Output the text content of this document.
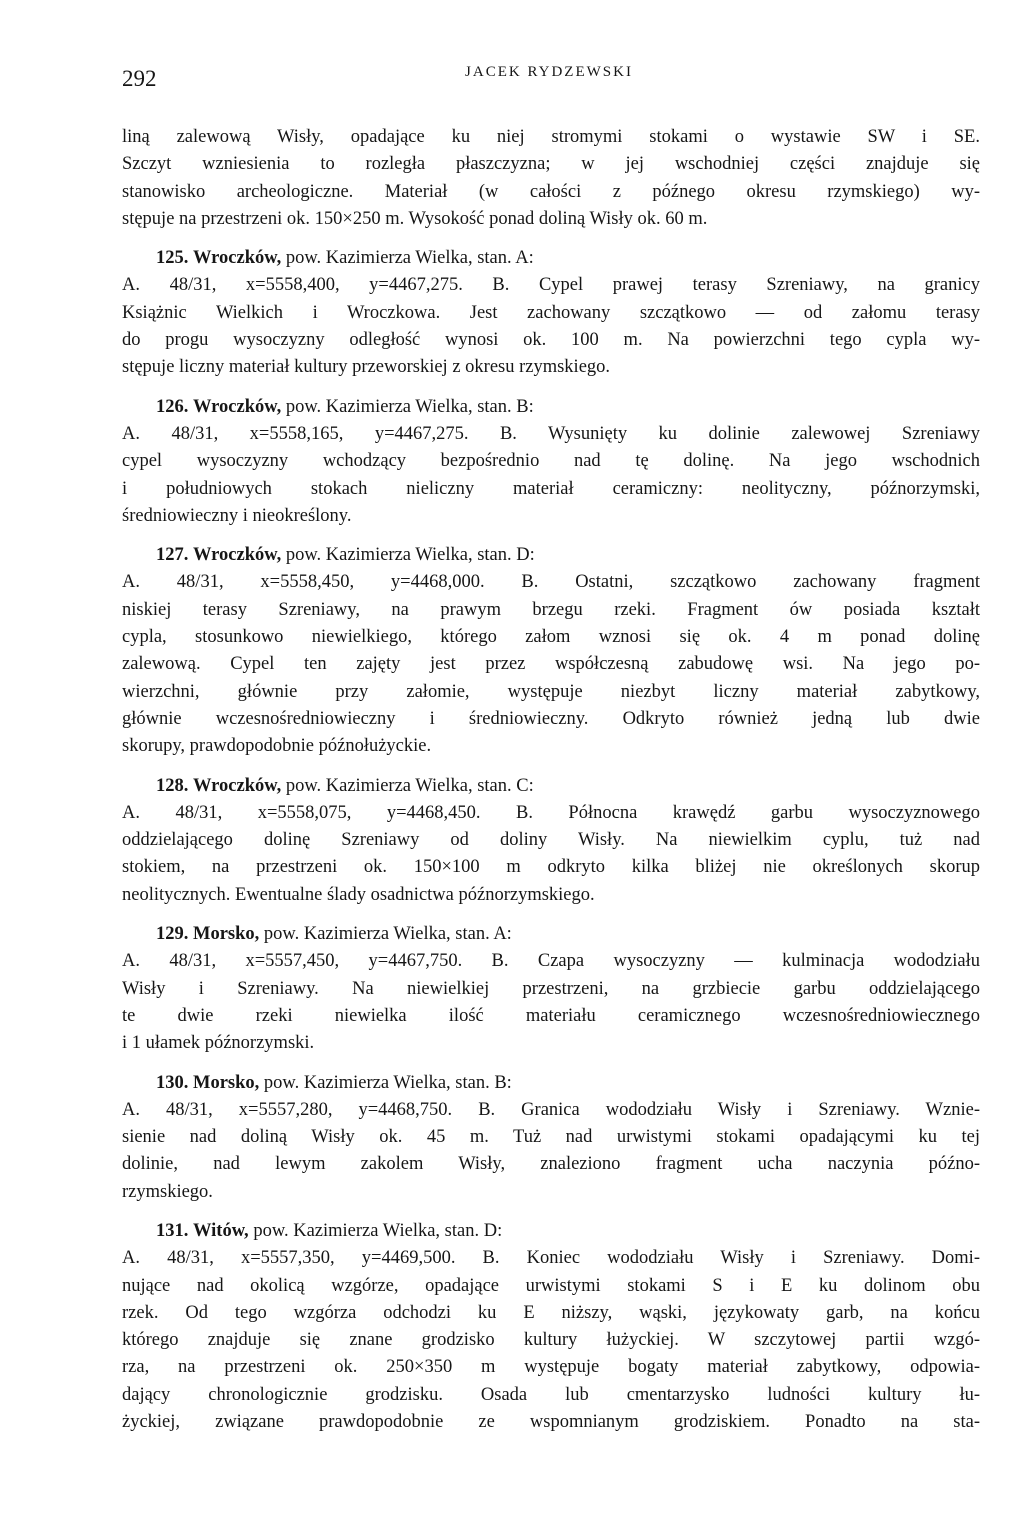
292	JACEK RYDZEWSKI
liną zalewową Wisły, opadające ku niej stromymi stokami o wystawie SW i SE.
Szczyt wzniesienia to rozległa płaszczyzna; w jej wschodniej części znajduje się
stanowisko archeologiczne. Materiał (w całości z późnego okresu rzymskiego) wy-
stępuje na przestrzeni ok. 150×250 m. Wysokość ponad doliną Wisły ok. 60 m.
125. Wroczków, pow. Kazimierza Wielka, stan. A:
A. 48/31, x=5558,400, y=4467,275. B. Cypel prawej terasy Szreniawy, na granicy
Książnic Wielkich i Wroczkowa. Jest zachowany szczątkowo — od załomu terasy
do progu wysoczyzny odległość wynosi ok. 100 m. Na powierzchni tego cypla wy-
stępuje liczny materiał kultury przeworskiej z okresu rzymskiego.
126. Wroczków, pow. Kazimierza Wielka, stan. B:
A. 48/31, x=5558,165, y=4467,275. B. Wysunięty ku dolinie zalewowej Szreniawy
cypel wysoczyzny wchodzący bezpośrednio nad tę dolinę. Na jego wschodnich
i południowych stokach nieliczny materiał ceramiczny: neolityczny, późnorzymski,
średniowieczny i nieokreślony.
127. Wroczków, pow. Kazimierza Wielka, stan. D:
A. 48/31, x=5558,450, y=4468,000. B. Ostatni, szczątkowo zachowany fragment
niskiej terasy Szreniawy, na prawym brzegu rzeki. Fragment ów posiada kształt
cypla, stosunkowo niewielkiego, którego załom wznosi się ok. 4 m ponad dolinę
zalewową. Cypel ten zajęty jest przez współczesną zabudowę wsi. Na jego po-
wierzchni, głównie przy załomie, występuje niezbyt liczny materiał zabytkowy,
głównie wczesnośredniowieczny i średniowieczny. Odkryto również jedną lub dwie
skorupy, prawdopodobnie późnołużyckie.
128. Wroczków, pow. Kazimierza Wielka, stan. C:
A. 48/31, x=5558,075, y=4468,450. B. Północna krawędź garbu wysoczyznowego
oddzielającego dolinę Szreniawy od doliny Wisły. Na niewielkim cyplu, tuż nad
stokiem, na przestrzeni ok. 150×100 m odkryto kilka bliżej nie określonych skorup
neolitycznych. Ewentualne ślady osadnictwa późnorzymskiego.
129. Morsko, pow. Kazimierza Wielka, stan. A:
A. 48/31, x=5557,450, y=4467,750. B. Czapa wysoczyzny — kulminacja wododziału
Wisły i Szreniawy. Na niewielkiej przestrzeni, na grzbiecie garbu oddzielającego
te dwie rzeki niewielka ilość materiału ceramicznego wczesnośredniowiecznego
i 1 ułamek późnorzymski.
130. Morsko, pow. Kazimierza Wielka, stan. B:
A. 48/31, x=5557,280, y=4468,750. B. Granica wododziału Wisły i Szreniawy. Wznie-
sienie nad doliną Wisły ok. 45 m. Tuż nad urwistymi stokami opadającymi ku tej
dolinie, nad lewym zakolem Wisły, znaleziono fragment ucha naczynia późno-
rzymskiego.
131. Witów, pow. Kazimierza Wielka, stan. D:
A. 48/31, x=5557,350, y=4469,500. B. Koniec wododziału Wisły i Szreniawy. Domi-
nujące nad okolicą wzgórze, opadające urwistymi stokami S i E ku dolinom obu
rzek. Od tego wzgórza odchodzi ku E niższy, wąski, językowaty garb, na końcu
którego znajduje się znane grodzisko kultury łużyckiej. W szczytowej partii wzgó-
rza, na przestrzeni ok. 250×350 m występuje bogaty materiał zabytkowy, odpowia-
dający chronologicznie grodzisku. Osada lub cmentarzysko ludności kultury łu-
życkiej, związane prawdopodobnie ze wspomnianym grodziskiem. Ponadto na sta-
